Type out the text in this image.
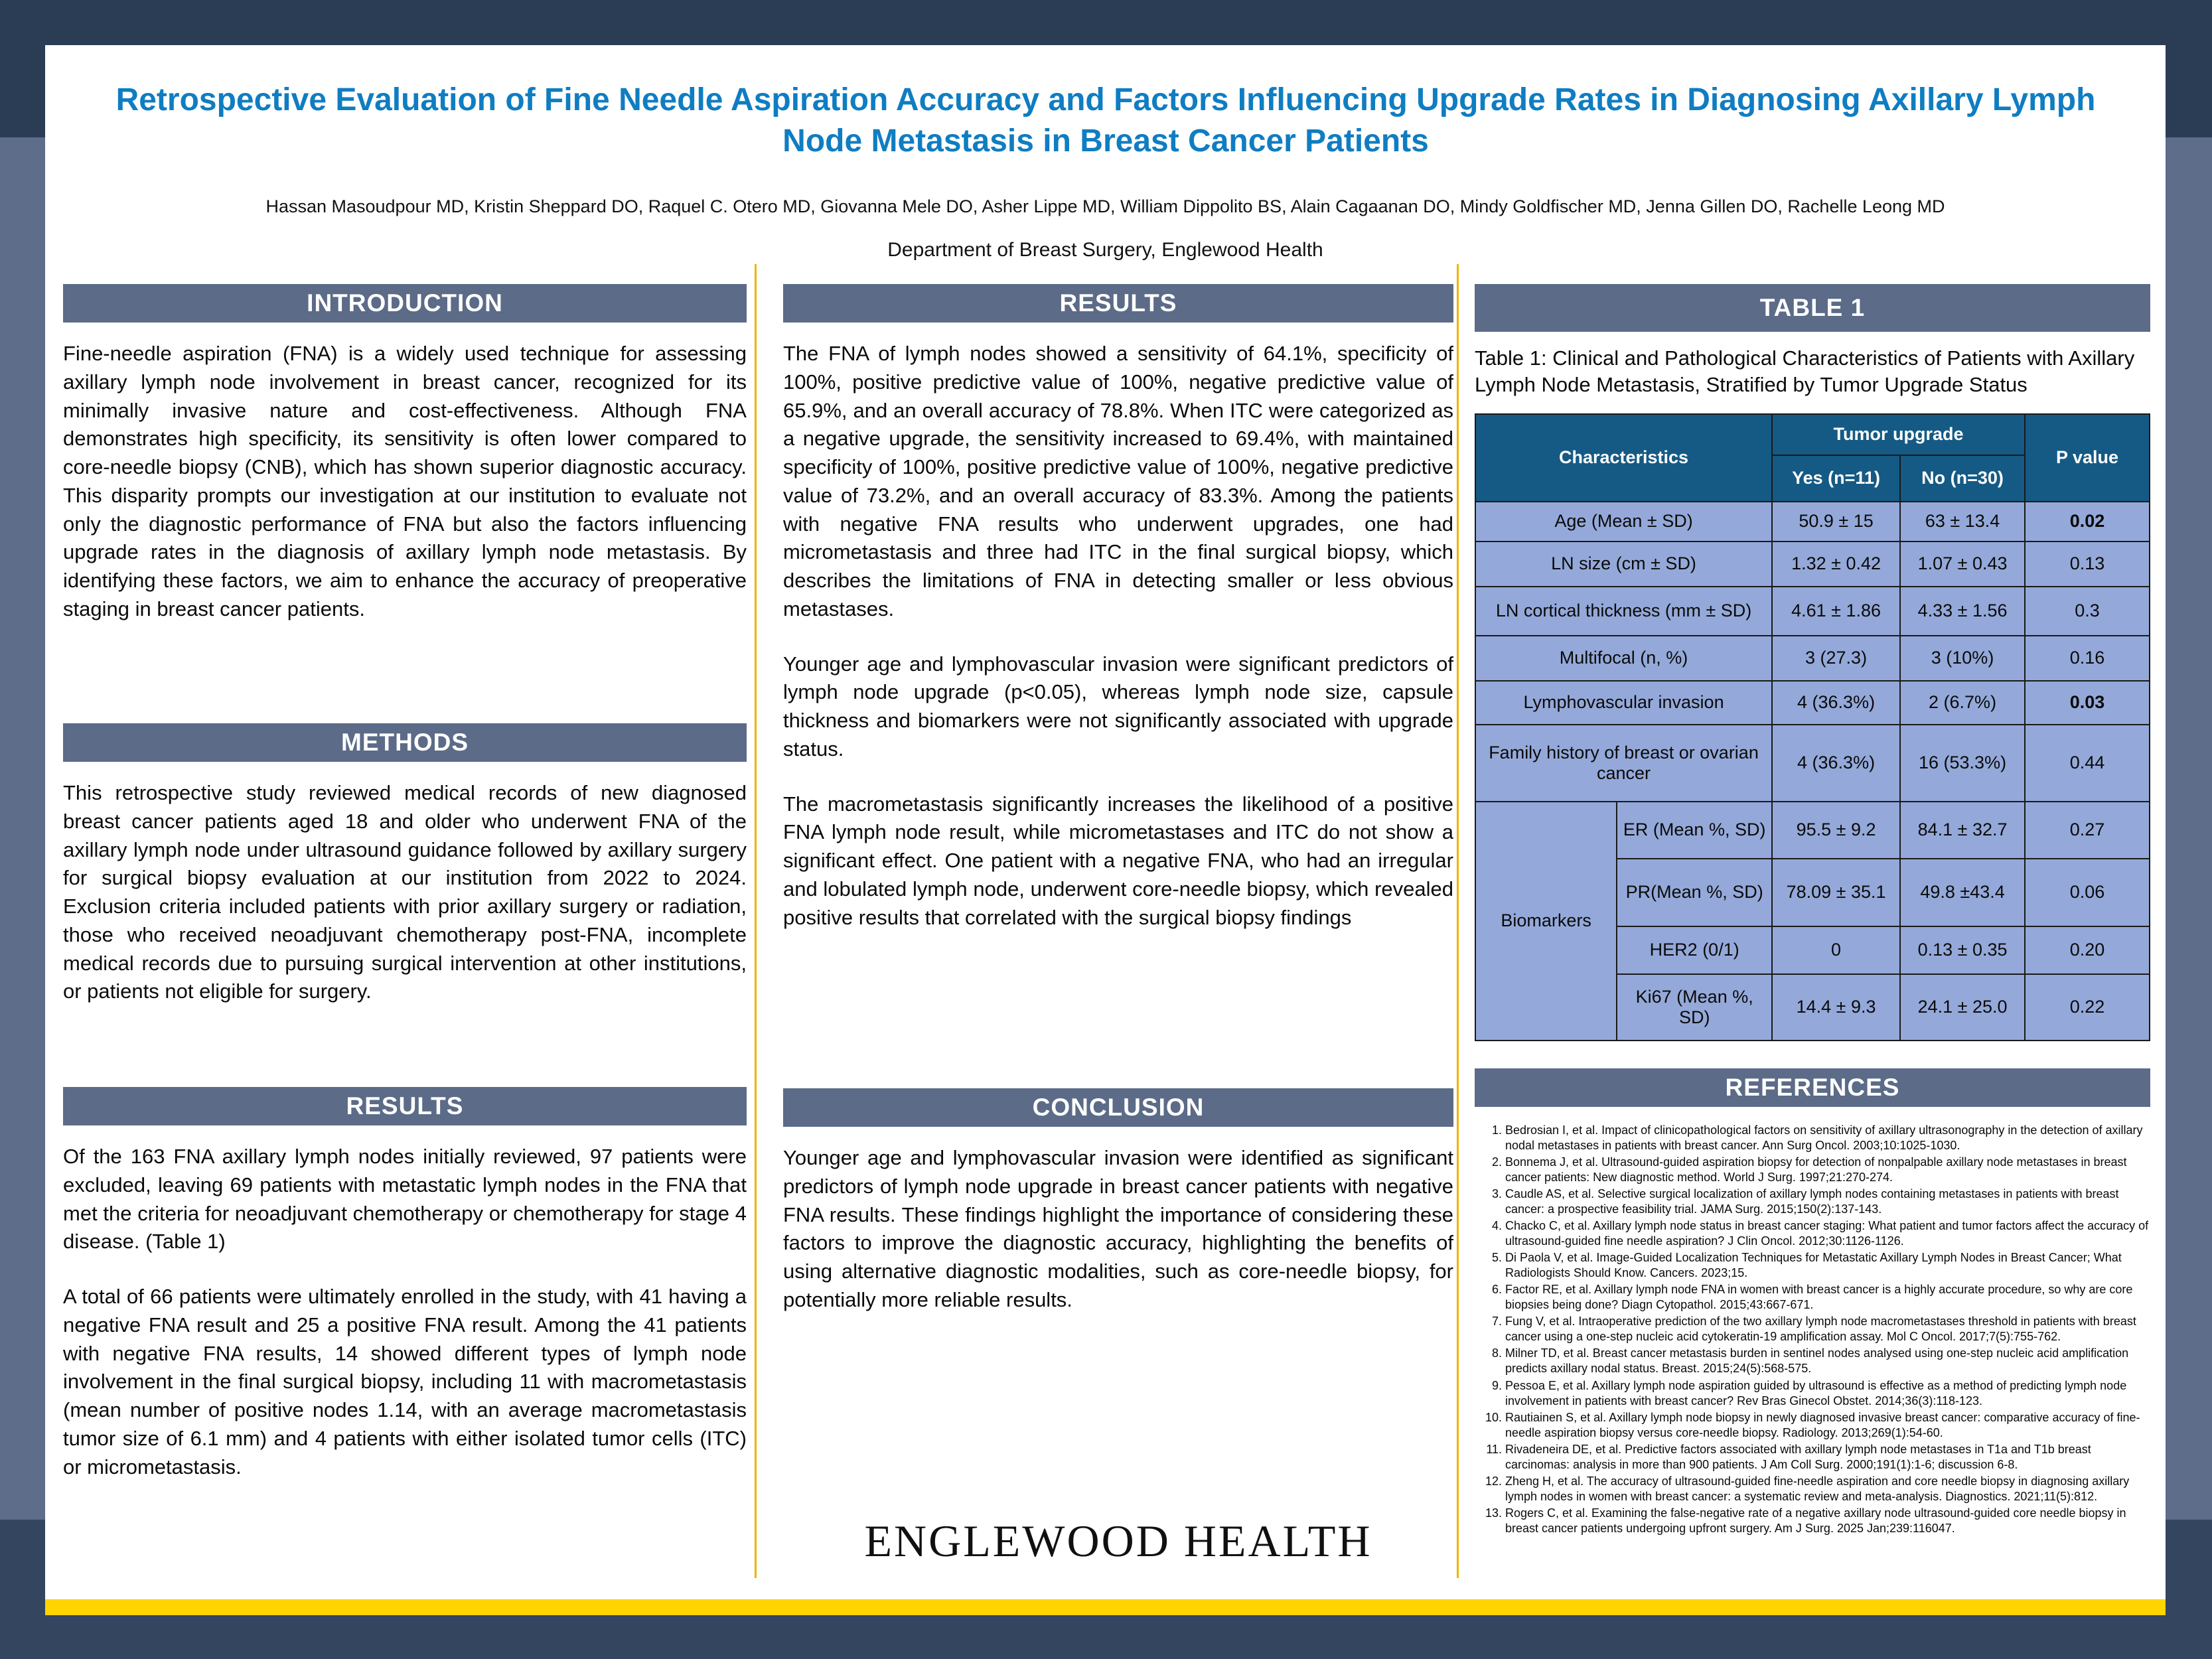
Retrospective Evaluation of Fine Needle Aspiration Accuracy and Factors Influencing Upgrade Rates in Diagnosing Axillary Lymph Node Metastasis in Breast Cancer Patients
Hassan Masoudpour MD, Kristin Sheppard DO, Raquel C. Otero MD, Giovanna Mele DO, Asher Lippe MD, William Dippolito BS, Alain Cagaanan DO, Mindy Goldfischer MD, Jenna Gillen DO, Rachelle Leong MD
Department of Breast Surgery, Englewood Health
INTRODUCTION

Fine-needle aspiration (FNA) is a widely used technique for assessing axillary lymph node involvement in breast cancer, recognized for its minimally invasive nature and cost-effectiveness. Although FNA demonstrates high specificity, its sensitivity is often lower compared to core-needle biopsy (CNB), which has shown superior diagnostic accuracy. This disparity prompts our investigation at our institution to evaluate not only the diagnostic performance of FNA but also the factors influencing upgrade rates in the diagnosis of axillary lymph node metastasis. By identifying these factors, we aim to enhance the accuracy of preoperative staging in breast cancer patients.

METHODS

This retrospective study reviewed medical records of new diagnosed breast cancer patients aged 18 and older who underwent FNA of the axillary lymph node under ultrasound guidance followed by axillary surgery for surgical biopsy evaluation at our institution from 2022 to 2024. Exclusion criteria included patients with prior axillary surgery or radiation, those who received neoadjuvant chemotherapy post-FNA, incomplete medical records due to pursuing surgical intervention at other institutions, or patients not eligible for surgery.

RESULTS

Of the 163 FNA axillary lymph nodes initially reviewed, 97 patients were excluded, leaving 69 patients with metastatic lymph nodes in the FNA that met the criteria for neoadjuvant chemotherapy or chemotherapy for stage 4 disease. (Table 1)

A total of 66 patients were ultimately enrolled in the study, with 41 having a negative FNA result and 25 a positive FNA result. Among the 41 patients with negative FNA results, 14 showed different types of lymph node involvement in the final surgical biopsy, including 11 with macrometastasis (mean number of positive nodes 1.14, with an average macrometastasis tumor size of 6.1 mm) and 4 patients with either isolated tumor cells (ITC) or micrometastasis.

RESULTS

The FNA of lymph nodes showed a sensitivity of 64.1%, specificity of 100%, positive predictive value of 100%, negative predictive value of 65.9%, and an overall accuracy of 78.8%. When ITC were categorized as a negative upgrade, the sensitivity increased to 69.4%, with maintained specificity of 100%, positive predictive value of 100%, negative predictive value of 73.2%, and an overall accuracy of 83.3%. Among the patients with negative FNA results who underwent upgrades, one had micrometastasis and three had ITC in the final surgical biopsy, which describes the limitations of FNA in detecting smaller or less obvious metastases.

Younger age and lymphovascular invasion were significant predictors of lymph node upgrade (p<0.05), whereas lymph node size, capsule thickness and biomarkers were not significantly associated with upgrade status.

The macrometastasis significantly increases the likelihood of a positive FNA lymph node result, while micrometastases and ITC do not show a significant effect. One patient with a negative FNA, who had an irregular and lobulated lymph node, underwent core-needle biopsy, which revealed positive results that correlated with the surgical biopsy findings

CONCLUSION

Younger age and lymphovascular invasion were identified as significant predictors of lymph node upgrade in breast cancer patients with negative FNA results. These findings highlight the importance of considering these factors to improve the diagnostic accuracy, highlighting the benefits of using alternative diagnostic modalities, such as core-needle biopsy, for potentially more reliable results.

ENGLEWOOD HEALTH
TABLE 1
Table 1: Clinical and Pathological Characteristics of Patients with Axillary Lymph Node Metastasis, Stratified by Tumor Upgrade Status
Characteristics		Tumor upgrade		P value
		Yes (n=11)	No (n=30)	
Age (Mean ± SD)		50.9 ± 15	63 ± 13.4	0.02
LN size (cm ± SD)		1.32 ± 0.42	1.07 ± 0.43	0.13
LN cortical thickness (mm ± SD)		4.61 ± 1.86	4.33 ± 1.56	0.3
Multifocal (n, %)		3 (27.3)	3 (10%)	0.16
Lymphovascular invasion		4 (36.3%)	2 (6.7%)	0.03
Family history of breast or ovarian cancer		4 (36.3%)	16 (53.3%)	0.44
Biomarkers	ER (Mean %, SD)	95.5 ± 9.2	84.1 ± 32.7	0.27
	PR(Mean %, SD)	78.09 ± 35.1	49.8 ±43.4	0.06
	HER2 (0/1)	0	0.13 ± 0.35	0.20
	Ki67 (Mean %, SD)	14.4 ± 9.3	24.1 ± 25.0	0.22
REFERENCES
1. Bedrosian I, et al. Impact of clinicopathological factors on sensitivity of axillary ultrasonography in the detection of axillary nodal metastases in patients with breast cancer. Ann Surg Oncol. 2003;10:1025-1030.
2. Bonnema J, et al. Ultrasound-guided aspiration biopsy for detection of nonpalpable axillary node metastases in breast cancer patients: New diagnostic method. World J Surg. 1997;21:270-274.
3. Caudle AS, et al. Selective surgical localization of axillary lymph nodes containing metastases in patients with breast cancer: a prospective feasibility trial. JAMA Surg. 2015;150(2):137-143.
4. Chacko C, et al. Axillary lymph node status in breast cancer staging: What patient and tumor factors affect the accuracy of ultrasound-guided fine needle aspiration? J Clin Oncol. 2012;30:1126-1126.
5. Di Paola V, et al. Image-Guided Localization Techniques for Metastatic Axillary Lymph Nodes in Breast Cancer; What Radiologists Should Know. Cancers. 2023;15.
6. Factor RE, et al. Axillary lymph node FNA in women with breast cancer is a highly accurate procedure, so why are core biopsies being done? Diagn Cytopathol. 2015;43:667-671.
7. Fung V, et al. Intraoperative prediction of the two axillary lymph node macrometastases threshold in patients with breast cancer using a one-step nucleic acid cytokeratin-19 amplification assay. Mol C Oncol. 2017;7(5):755-762.
8. Milner TD, et al. Breast cancer metastasis burden in sentinel nodes analysed using one-step nucleic acid amplification predicts axillary nodal status. Breast. 2015;24(5):568-575.
9. Pessoa E, et al. Axillary lymph node aspiration guided by ultrasound is effective as a method of predicting lymph node involvement in patients with breast cancer? Rev Bras Ginecol Obstet. 2014;36(3):118-123.
10. Rautiainen S, et al. Axillary lymph node biopsy in newly diagnosed invasive breast cancer: comparative accuracy of fine-needle aspiration biopsy versus core-needle biopsy. Radiology. 2013;269(1):54-60.
11. Rivadeneira DE, et al. Predictive factors associated with axillary lymph node metastases in T1a and T1b breast carcinomas: analysis in more than 900 patients. J Am Coll Surg. 2000;191(1):1-6; discussion 6-8.
12. Zheng H, et al. The accuracy of ultrasound-guided fine-needle aspiration and core needle biopsy in diagnosing axillary lymph nodes in women with breast cancer: a systematic review and meta-analysis. Diagnostics. 2021;11(5):812.
13. Rogers C, et al. Examining the false-negative rate of a negative axillary node ultrasound-guided core needle biopsy in breast cancer patients undergoing upfront surgery. Am J Surg. 2025 Jan;239:116047.
